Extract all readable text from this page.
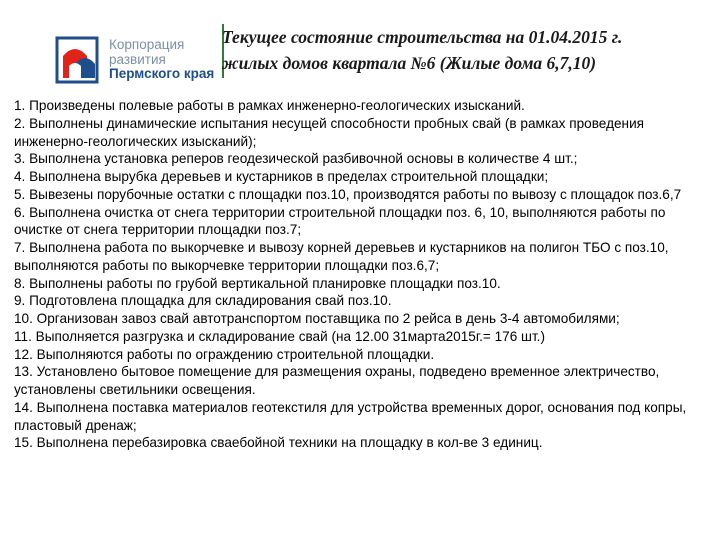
Корпорация
развития
Пермского края
Текущее состояние строительства на 01.04.2015 г.
жилых домов квартала №6 (Жилые дома 6,7,10)
1. Произведены полевые работы в рамках инженерно-геологических изысканий.
2. Выполнены динамические испытания несущей способности пробных свай (в рамках проведения инженерно-геологических изысканий);
3. Выполнена установка реперов геодезической разбивочной основы в количестве 4 шт.;
4. Выполнена вырубка деревьев и кустарников в пределах строительной площадки;
5. Вывезены порубочные остатки с площадки поз.10, производятся работы по вывозу с площадок поз.6,7
6. Выполнена очистка от снега территории строительной площадки поз. 6, 10, выполняются работы по очистке от снега территории площадки поз.7;
7. Выполнена работа по выкорчевке и вывозу корней деревьев и кустарников на полигон ТБО с поз.10, выполняются работы по выкорчевке территории площадки поз.6,7;
8. Выполнены работы по грубой вертикальной планировке площадки поз.10.
9. Подготовлена площадка для складирования свай поз.10.
10. Организован завоз свай автотранспортом поставщика по 2 рейса в день 3-4 автомобилями;
11. Выполняется разгрузка и складирование свай (на 12.00 31марта2015г.= 176 шт.)
12. Выполняются работы по ограждению строительной площадки.
13. Установлено бытовое помещение для размещения охраны, подведено временное электричество, установлены светильники освещения.
14. Выполнена поставка материалов геотекстиля для устройства временных дорог, основания под копры, пластовый дренаж;
15. Выполнена перебазировка сваебойной техники на площадку в кол-ве 3 единиц.
